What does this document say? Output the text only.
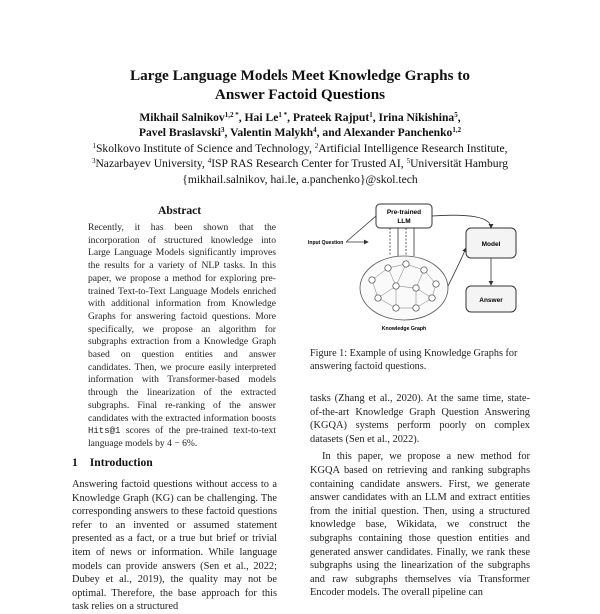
Large Language Models Meet Knowledge Graphs to
Answer Factoid Questions
Mikhail Salnikov$^{1,2 *}$, Hai $Le^{1 *}$, Prateek Rajput$^1$, Irina Nikishina$^5$,
Pavel Braslavski$^3$, Valentin Malykh$^4$, and Alexander Panchenko$^{1,2}$
$^1$Skolkovo Institute of Science and Technology, $^2$Artificial Intelligence Research Institute,
$^3$Nazarbayev University, $^4$ISP RAS Research Center for Trusted AI, $^5$Universität Hamburg
{mikhail.salnikov, hai.le, a.panchenko}@skol.tech
Abstract
Recently, it has been shown that the incorporation of structured knowledge into Large Language Models significantly improves the results for a variety of NLP tasks. In this paper, we propose a method for exploring pre-trained Text-to-Text Language Models enriched with additional information from Knowledge Graphs for answering factoid questions. More specifically, we propose an algorithm for subgraphs extraction from a Knowledge Graph based on question entities and answer candidates. Then, we procure easily interpreted information with Transformer-based models through the linearization of the extracted subgraphs. Final re-ranking of the answer candidates with the extracted information boosts Hits@1 scores of the pre-trained text-to-text language models by 4 − 6%.
1 Introduction

Answering factoid questions without access to a Knowledge Graph (KG) can be challenging. The corresponding answers to these factoid questions refer to an invented or assumed statement presented as a fact, or a true but brief or trivial item of news or information. While language models can provide answers (Sen et al., 2022; Dubey et al., 2019), the quality may not be optimal. Therefore, the base approach for this task relies on a structured

Pre-trained
LLM
Model
Answer
Input Question
Knowledge Graph
Figure 1: Example of using Knowledge Graphs for answering factoid questions.

tasks (Zhang et al., 2020). At the same time, state-of-the-art Knowledge Graph Question Answering (KGQA) systems perform poorly on complex datasets (Sen et al., 2022).

In this paper, we propose a new method for KGQA based on retrieving and ranking subgraphs containing candidate answers. First, we generate answer candidates with an LLM and extract entities from the initial question. Then, using a structured knowledge base, Wikidata, we construct the subgraphs containing those question entities and generated answer candidates. Finally, we rank these subgraphs using the linearization of the subgraphs and raw subgraphs themselves via Transformer Encoder models. The overall pipeline can
